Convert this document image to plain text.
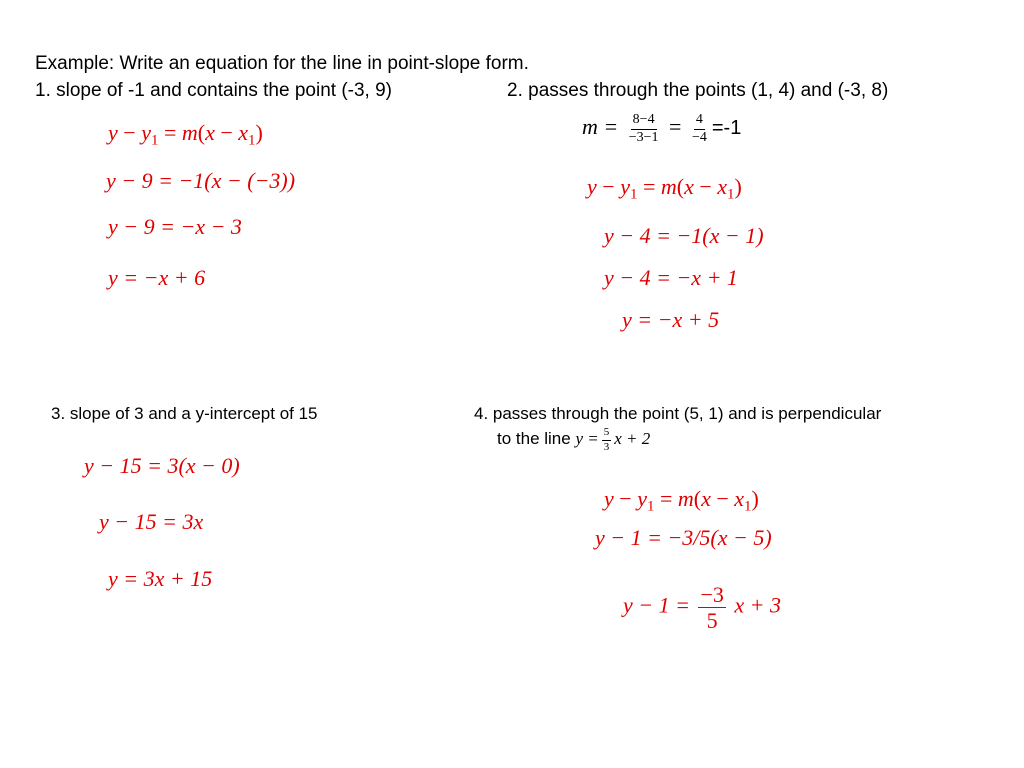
Example: Write an equation for the line in point-slope form.
1. slope of -1 and contains the point (-3, 9)	2. passes through the points (1, 4) and (-3, 8)
$y - y_1 = m(x - x_1)$
y − 9 = −1(x − (−3))
y − 9 = −x − 3
y = −x + 6
$m = \frac{8-4}{-3-1} = \frac{4}{-4} =-1$
$y - y_1 = m(x - x_1)$
y − 4 = −1(x − 1)
y − 4 = −x + 1
y = −x + 5
3. slope of 3 and a y-intercept of 15
y − 15 = 3(x − 0)
y − 15 = 3x
y = 3x + 15
4. passes through the point (5, 1) and is perpendicular
to the line $y = \frac{5}{3}$ x + 2
$y - y_1 = m(x - x_1)$
y − 1 = −3/5(x − 5)
$y - 1 = \frac{-3}{5}$ x + 3
